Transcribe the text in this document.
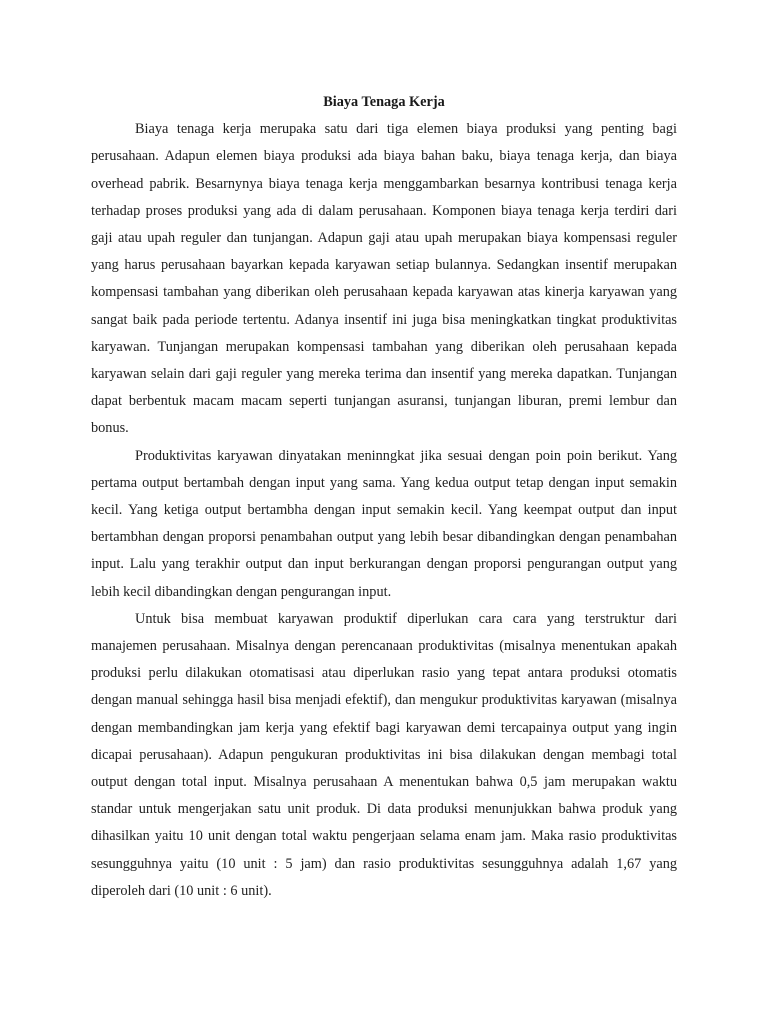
Biaya Tenaga Kerja

Biaya tenaga kerja merupaka satu dari tiga elemen biaya produksi yang penting bagi perusahaan. Adapun elemen biaya produksi ada biaya bahan baku, biaya tenaga kerja, dan biaya overhead pabrik. Besarnynya biaya tenaga kerja menggambarkan besarnya kontribusi tenaga kerja terhadap proses produksi yang ada di dalam perusahaan. Komponen biaya tenaga kerja terdiri dari gaji atau upah reguler dan tunjangan. Adapun gaji atau upah merupakan biaya kompensasi reguler yang harus perusahaan bayarkan kepada karyawan setiap bulannya. Sedangkan insentif merupakan kompensasi tambahan yang diberikan oleh perusahaan kepada karyawan atas kinerja karyawan yang sangat baik pada periode tertentu. Adanya insentif ini juga bisa meningkatkan tingkat produktivitas karyawan. Tunjangan merupakan kompensasi tambahan yang diberikan oleh perusahaan kepada karyawan selain dari gaji reguler yang mereka terima dan insentif yang mereka dapatkan. Tunjangan dapat berbentuk macam macam seperti tunjangan asuransi, tunjangan liburan, premi lembur dan bonus.

Produktivitas karyawan dinyatakan meninngkat jika sesuai dengan poin poin berikut. Yang pertama output bertambah dengan input yang sama. Yang kedua output tetap dengan input semakin kecil. Yang ketiga output bertambha dengan input semakin kecil. Yang keempat output dan input bertambhan dengan proporsi penambahan output yang lebih besar dibandingkan dengan penambahan input. Lalu yang terakhir output dan input berkurangan dengan proporsi pengurangan output yang lebih kecil dibandingkan dengan pengurangan input.

Untuk bisa membuat karyawan produktif diperlukan cara cara yang terstruktur dari manajemen perusahaan. Misalnya dengan perencanaan produktivitas (misalnya menentukan apakah produksi perlu dilakukan otomatisasi atau diperlukan rasio yang tepat antara produksi otomatis dengan manual sehingga hasil bisa menjadi efektif), dan mengukur produktivitas karyawan (misalnya dengan membandingkan jam kerja yang efektif bagi karyawan demi tercapainya output yang ingin dicapai perusahaan). Adapun pengukuran produktivitas ini bisa dilakukan dengan membagi total output dengan total input. Misalnya perusahaan A menentukan bahwa 0,5 jam merupakan waktu standar untuk mengerjakan satu unit produk. Di data produksi menunjukkan bahwa produk yang dihasilkan yaitu 10 unit dengan total waktu pengerjaan selama enam jam. Maka rasio produktivitas sesungguhnya yaitu (10 unit : 5 jam) dan rasio produktivitas sesungguhnya adalah 1,67 yang diperoleh dari (10 unit : 6 unit).
